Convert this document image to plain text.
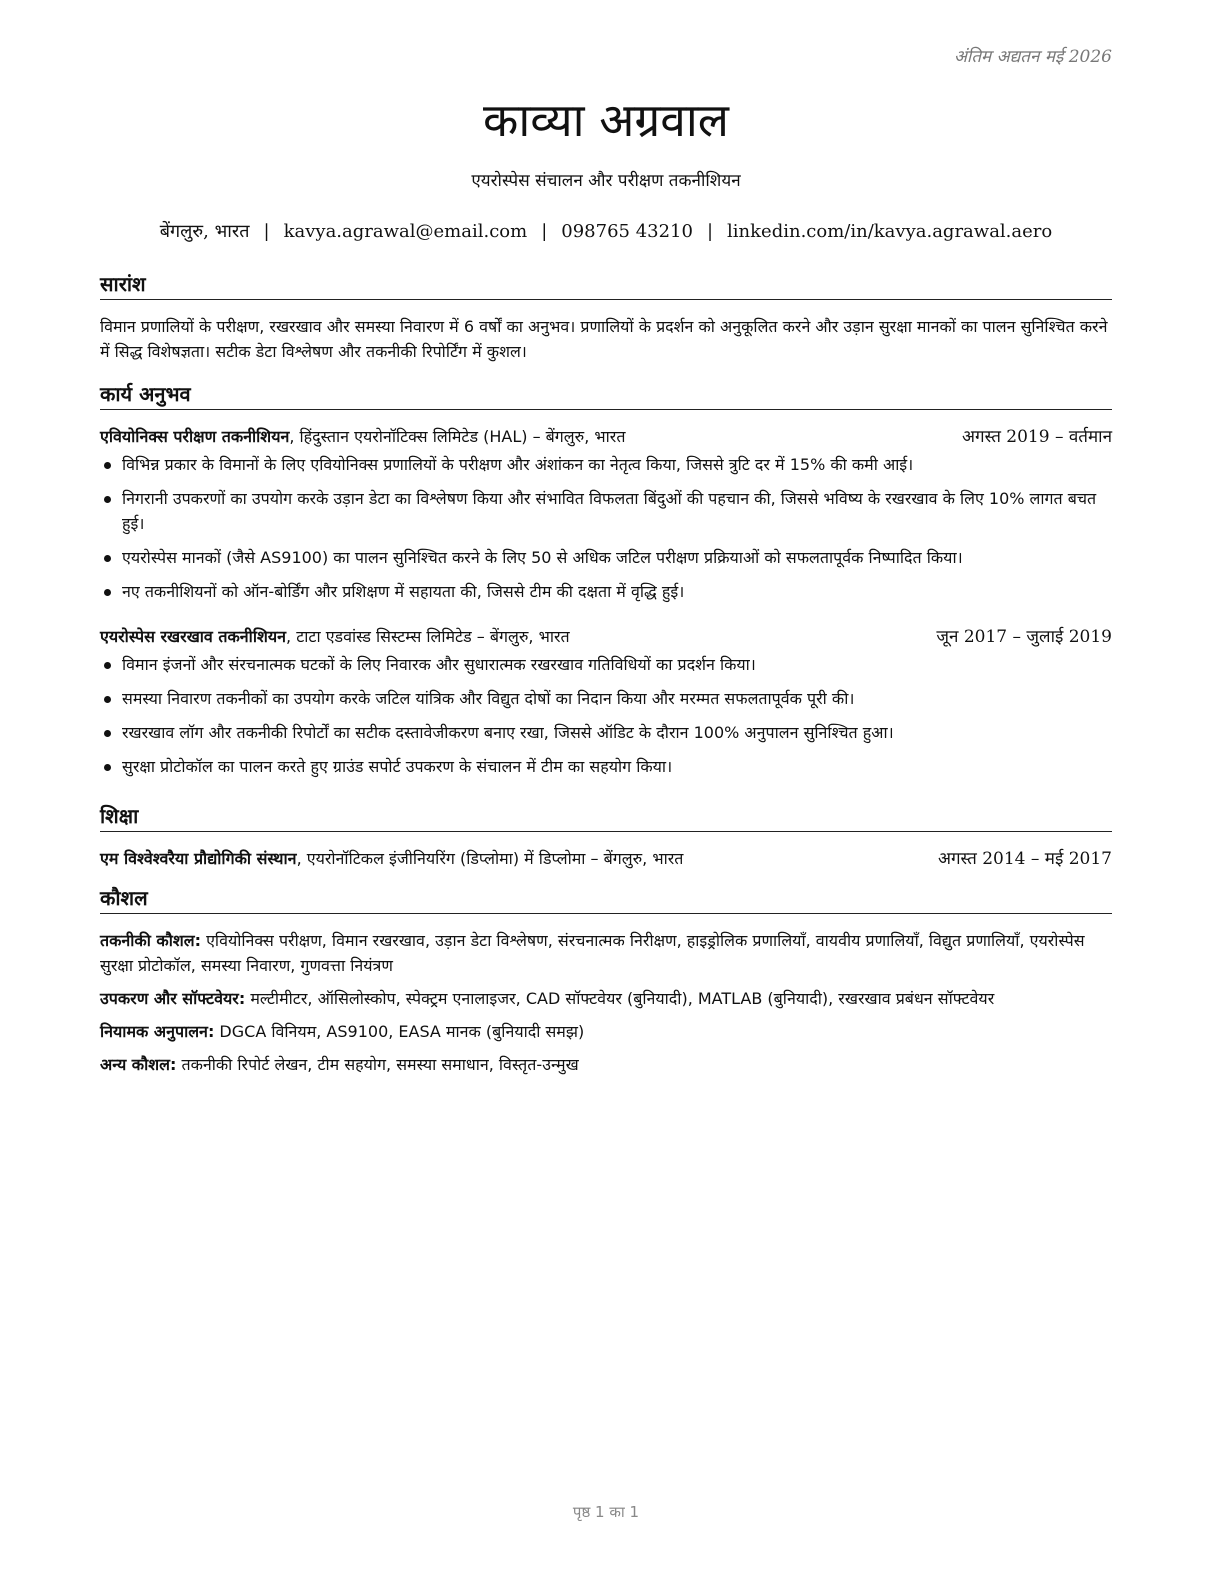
अंतिम अद्यतन मई 2026
काव्या अग्रवाल
एयरोस्पेस संचालन और परीक्षण तकनीशियन
बेंगलुरु, भारत | kavya.agrawal@email.com | 098765 43210 | linkedin.com/in/kavya.agrawal.aero
सारांश

विमान प्रणालियों के परीक्षण, रखरखाव और समस्या निवारण में 6 वर्षों का अनुभव। प्रणालियों के प्रदर्शन को अनुकूलित करने और उड़ान सुरक्षा मानकों का पालन सुनिश्चित करने में सिद्ध विशेषज्ञता। सटीक डेटा विश्लेषण और तकनीकी रिपोर्टिंग में कुशल।

कार्य अनुभव
एवियोनिक्स परीक्षण तकनीशियन, हिंदुस्तान एयरोनॉटिक्स लिमिटेड (HAL) – बेंगलुरु, भारत	अगस्त 2019 – वर्तमान
विभिन्न प्रकार के विमानों के लिए एवियोनिक्स प्रणालियों के परीक्षण और अंशांकन का नेतृत्व किया, जिससे त्रुटि दर में 15% की कमी आई।
निगरानी उपकरणों का उपयोग करके उड़ान डेटा का विश्लेषण किया और संभावित विफलता बिंदुओं की पहचान की, जिससे भविष्य के रखरखाव के लिए 10% लागत बचत हुई।
एयरोस्पेस मानकों (जैसे AS9100) का पालन सुनिश्चित करने के लिए 50 से अधिक जटिल परीक्षण प्रक्रियाओं को सफलतापूर्वक निष्पादित किया।
नए तकनीशियनों को ऑन-बोर्डिंग और प्रशिक्षण में सहायता की, जिससे टीम की दक्षता में वृद्धि हुई।
एयरोस्पेस रखरखाव तकनीशियन, टाटा एडवांस्ड सिस्टम्स लिमिटेड – बेंगलुरु, भारत	जून 2017 – जुलाई 2019
विमान इंजनों और संरचनात्मक घटकों के लिए निवारक और सुधारात्मक रखरखाव गतिविधियों का प्रदर्शन किया।
समस्या निवारण तकनीकों का उपयोग करके जटिल यांत्रिक और विद्युत दोषों का निदान किया और मरम्मत सफलतापूर्वक पूरी की।
रखरखाव लॉग और तकनीकी रिपोर्टों का सटीक दस्तावेजीकरण बनाए रखा, जिससे ऑडिट के दौरान 100% अनुपालन सुनिश्चित हुआ।
सुरक्षा प्रोटोकॉल का पालन करते हुए ग्राउंड सपोर्ट उपकरण के संचालन में टीम का सहयोग किया।
शिक्षा
एम विश्वेश्वरैया प्रौद्योगिकी संस्थान, एयरोनॉटिकल इंजीनियरिंग (डिप्लोमा) में डिप्लोमा – बेंगलुरु, भारत	अगस्त 2014 – मई 2017
कौशल

तकनीकी कौशल: एवियोनिक्स परीक्षण, विमान रखरखाव, उड़ान डेटा विश्लेषण, संरचनात्मक निरीक्षण, हाइड्रोलिक प्रणालियाँ, वायवीय प्रणालियाँ, विद्युत प्रणालियाँ, एयरोस्पेस सुरक्षा प्रोटोकॉल, समस्या निवारण, गुणवत्ता नियंत्रण

उपकरण और सॉफ्टवेयर: मल्टीमीटर, ऑसिलोस्कोप, स्पेक्ट्रम एनालाइजर, CAD सॉफ्टवेयर (बुनियादी), MATLAB (बुनियादी), रखरखाव प्रबंधन सॉफ्टवेयर

नियामक अनुपालन: DGCA विनियम, AS9100, EASA मानक (बुनियादी समझ)

अन्य कौशल: तकनीकी रिपोर्ट लेखन, टीम सहयोग, समस्या समाधान, विस्तृत-उन्मुख

पृष्ठ 1 का 1
